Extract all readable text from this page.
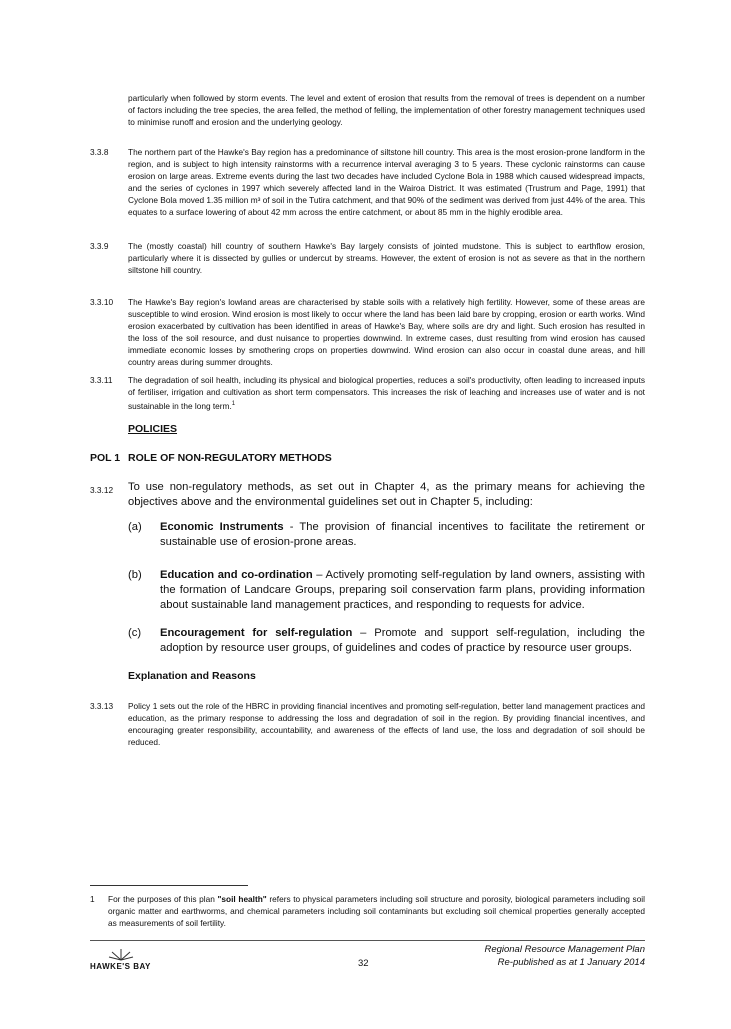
particularly when followed by storm events. The level and extent of erosion that results from the removal of trees is dependent on a number of factors including the tree species, the area felled, the method of felling, the implementation of other forestry management techniques used to minimise runoff and erosion and the underlying geology.
3.3.8 The northern part of the Hawke's Bay region has a predominance of siltstone hill country. This area is the most erosion-prone landform in the region, and is subject to high intensity rainstorms with a recurrence interval averaging 3 to 5 years. These cyclonic rainstorms can cause erosion on large areas. Extreme events during the last two decades have included Cyclone Bola in 1988 which caused widespread impacts, and the series of cyclones in 1997 which severely affected land in the Wairoa District. It was estimated (Trustrum and Page, 1991) that Cyclone Bola moved 1.35 million m³ of soil in the Tutira catchment, and that 90% of the sediment was derived from just 44% of the area. This equates to a surface lowering of about 42 mm across the entire catchment, or about 85 mm in the highly erodible area.
3.3.9 The (mostly coastal) hill country of southern Hawke's Bay largely consists of jointed mudstone. This is subject to earthflow erosion, particularly where it is dissected by gullies or undercut by streams. However, the extent of erosion is not as severe as that in the northern siltstone hill country.
3.3.10 The Hawke's Bay region's lowland areas are characterised by stable soils with a relatively high fertility. However, some of these areas are susceptible to wind erosion. Wind erosion is most likely to occur where the land has been laid bare by cropping, erosion or earth works. Wind erosion exacerbated by cultivation has been identified in areas of Hawke's Bay, where soils are dry and light. Such erosion has resulted in the loss of the soil resource, and dust nuisance to properties downwind. In extreme cases, dust resulting from wind erosion has caused immediate economic losses by smothering crops on properties downwind. Wind erosion can also occur in coastal dune areas, and hill country areas during summer droughts.
3.3.11 The degradation of soil health, including its physical and biological properties, reduces a soil's productivity, often leading to increased inputs of fertiliser, irrigation and cultivation as short term compensators. This increases the risk of leaching and increases use of water and is not sustainable in the long term.$^1$
POLICIES
POL 1 ROLE OF NON-REGULATORY METHODS
3.3.12 To use non-regulatory methods, as set out in Chapter 4, as the primary means for achieving the objectives above and the environmental guidelines set out in Chapter 5, including:
(a) Economic Instruments - The provision of financial incentives to facilitate the retirement or sustainable use of erosion-prone areas.
(b) Education and co-ordination – Actively promoting self-regulation by land owners, assisting with the formation of Landcare Groups, preparing soil conservation farm plans, providing information about sustainable land management practices, and responding to requests for advice.
(c) Encouragement for self-regulation – Promote and support self-regulation, including the adoption by resource user groups, of guidelines and codes of practice by resource user groups.
Explanation and Reasons
3.3.13 Policy 1 sets out the role of the HBRC in providing financial incentives and promoting self-regulation, better land management practices and education, as the primary response to addressing the loss and degradation of soil in the region. By providing financial incentives, and encouraging greater responsibility, accountability, and awareness of the effects of land use, the loss and degradation of soil should be reduced.
1 For the purposes of this plan "soil health" refers to physical parameters including soil structure and porosity, biological parameters including soil organic matter and earthworms, and chemical parameters including soil contaminants but excluding soil chemical properties generally accepted as measurements of soil fertility.
HAWKE'S BAY	32
Regional Resource Management Plan
Re-published as at 1 January 2014
